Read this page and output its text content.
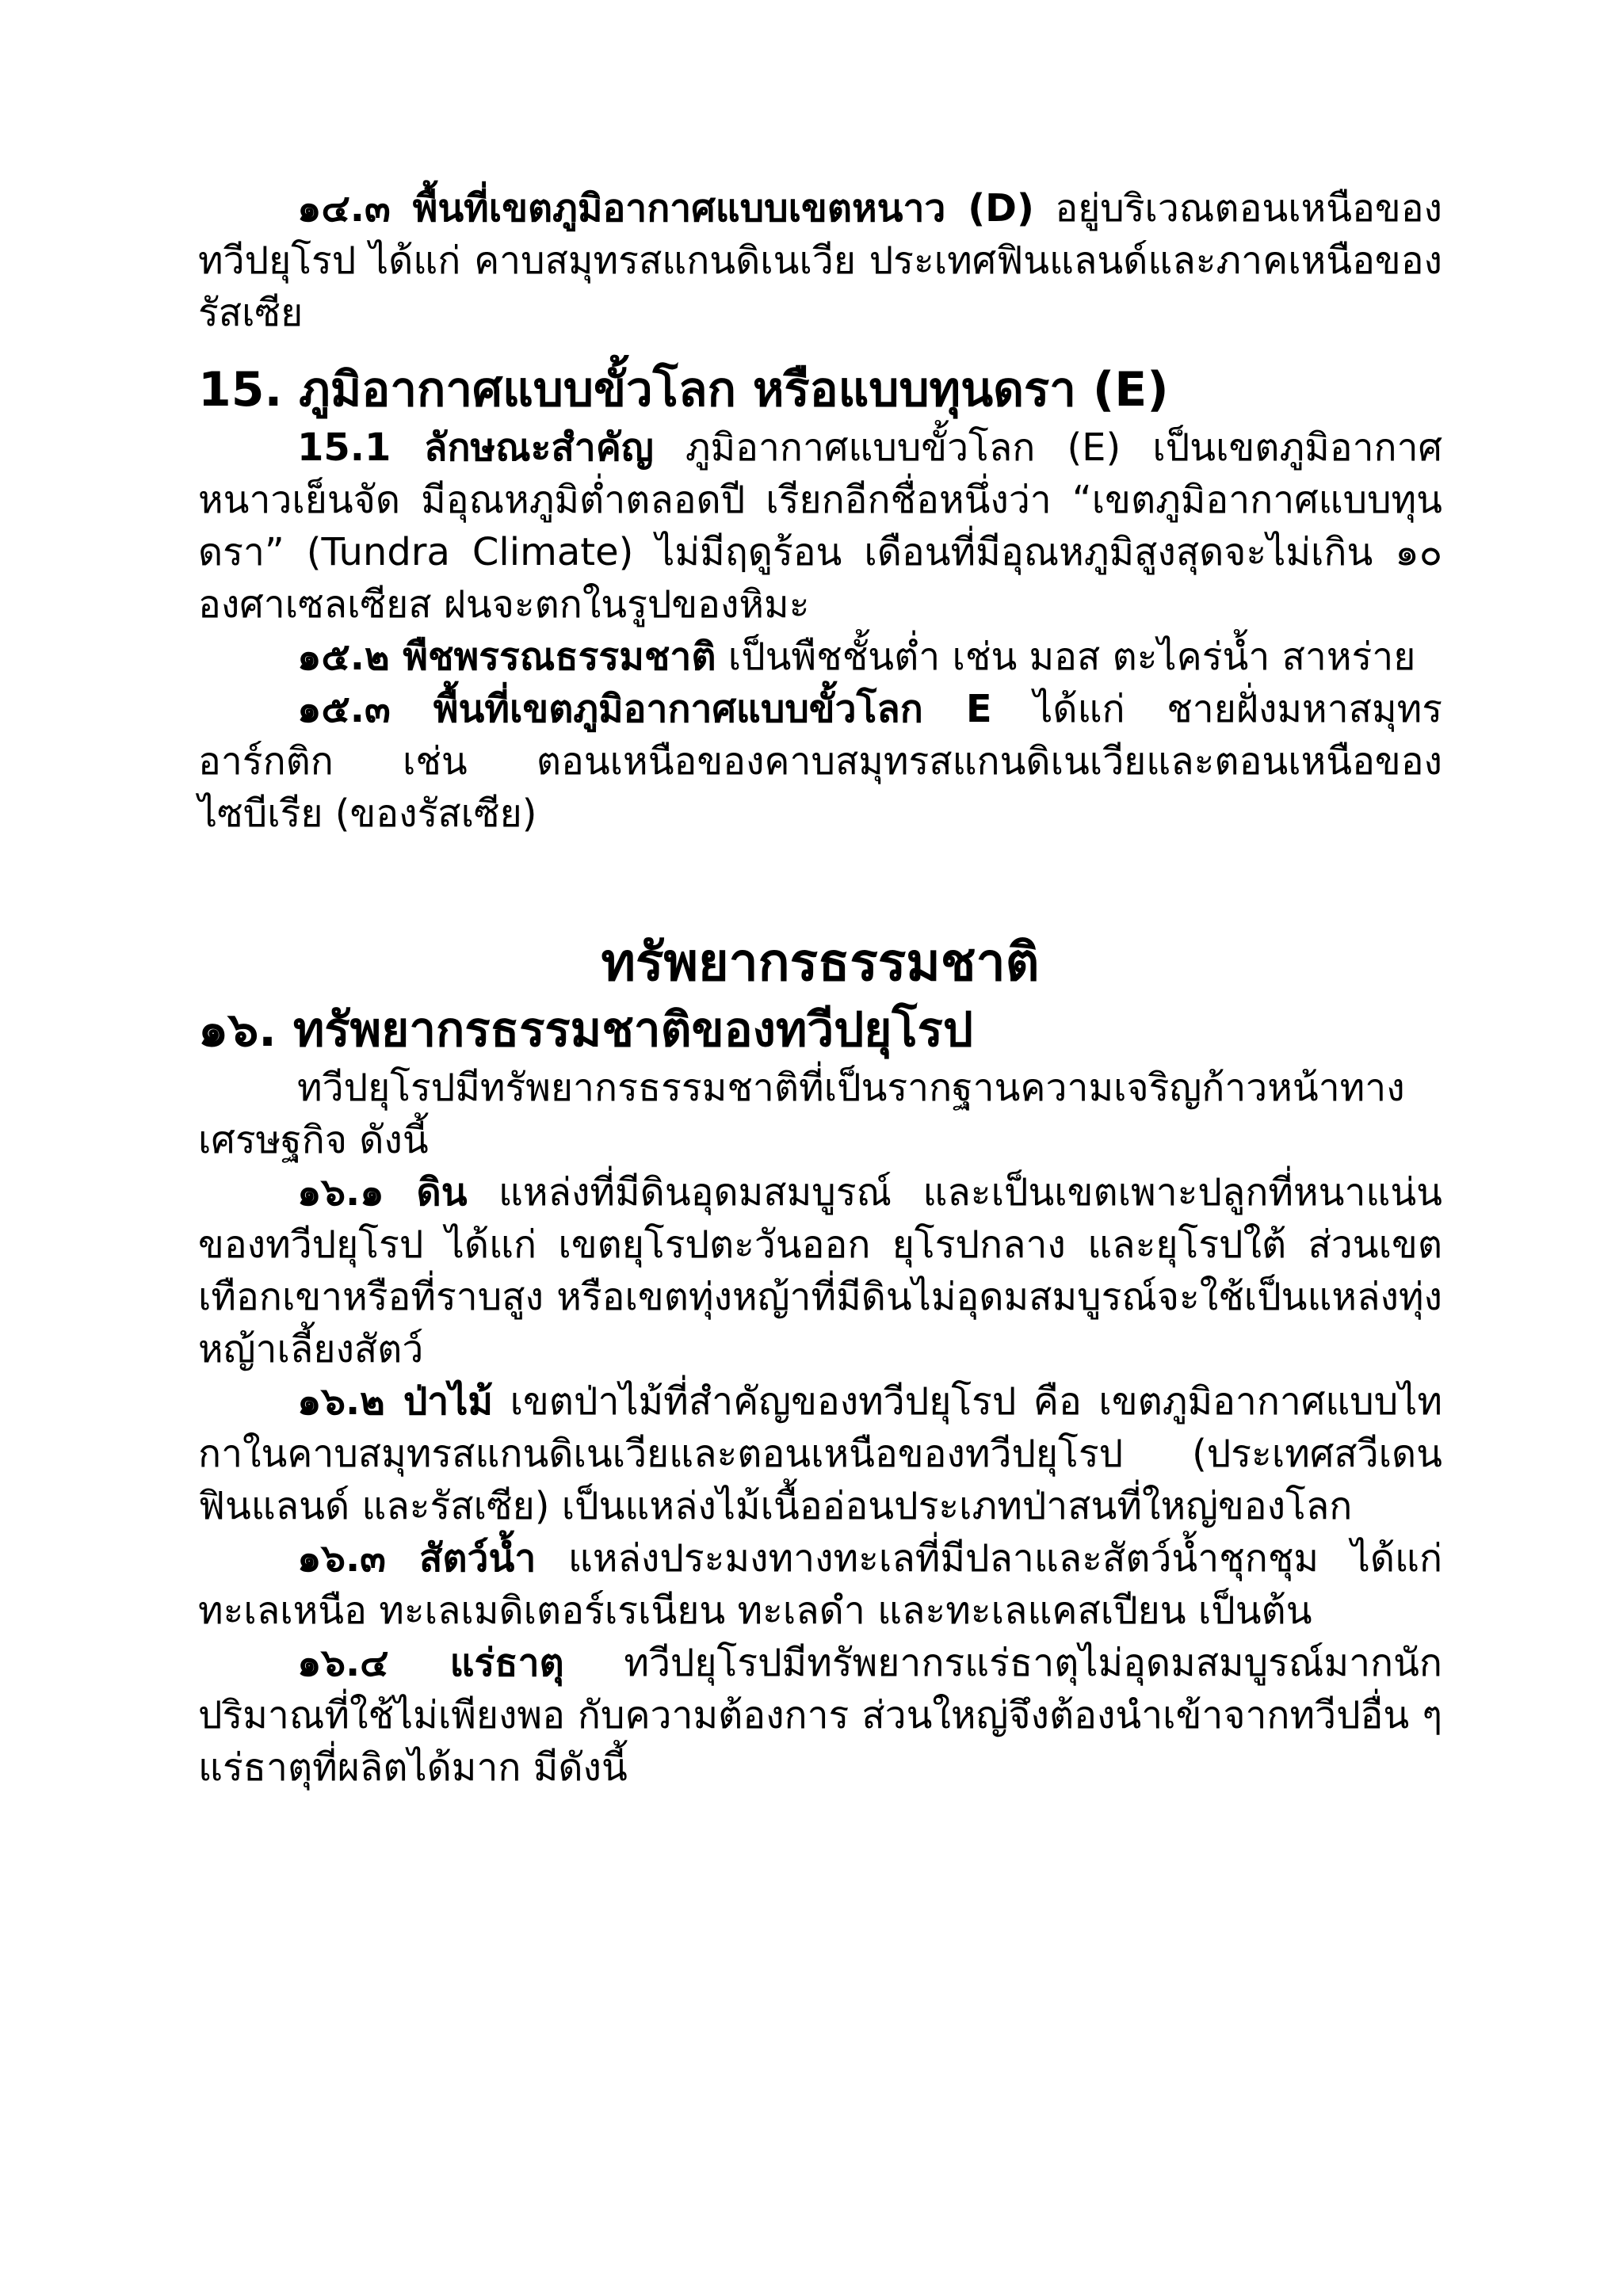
๑๔.๓ พื้นที่เขตภูมิอากาศแบบเขตหนาว (D) อยู่บริเวณตอนเหนือของทวีปยุโรป ได้แก่ คาบสมุทรสแกนดิเนเวีย ประเทศฟินแลนด์และภาคเหนือของรัสเซีย

15. ภูมิอากาศแบบขั้วโลก หรือแบบทุนดรา (E)

15.1 ลักษณะสำคัญ ภูมิอากาศแบบขั้วโลก (E) เป็นเขตภูมิอากาศหนาวเย็นจัด มีอุณหภูมิต่ำตลอดปี เรียกอีกชื่อหนึ่งว่า “เขตภูมิอากาศแบบทุนดรา” (Tundra Climate) ไม่มีฤดูร้อน เดือนที่มีอุณหภูมิสูงสุดจะไม่เกิน ๑๐ องศาเซลเซียส ฝนจะตกในรูปของหิมะ

๑๕.๒ พืชพรรณธรรมชาติ เป็นพืชชั้นต่ำ เช่น มอส ตะไคร่น้ำ สาหร่าย

๑๕.๓ พื้นที่เขตภูมิอากาศแบบขั้วโลก E ได้แก่ ชายฝั่งมหาสมุทรอาร์กติก เช่น ตอนเหนือของคาบสมุทรสแกนดิเนเวียและตอนเหนือของไซบีเรีย (ของรัสเซีย)

ทรัพยากรธรรมชาติ
๑๖. ทรัพยากรธรรมชาติของทวีปยุโรป

ทวีปยุโรปมีทรัพยากรธรรมชาติที่เป็นรากฐานความเจริญก้าวหน้าทางเศรษฐกิจ ดังนี้

๑๖.๑ ดิน แหล่งที่มีดินอุดมสมบูรณ์ และเป็นเขตเพาะปลูกที่หนาแน่นของทวีปยุโรป ได้แก่ เขตยุโรปตะวันออก ยุโรปกลาง และยุโรปใต้ ส่วนเขตเทือกเขาหรือที่ราบสูง หรือเขตทุ่งหญ้าที่มีดินไม่อุดมสมบูรณ์จะใช้เป็นแหล่งทุ่งหญ้าเลี้ยงสัตว์

๑๖.๒ ป่าไม้ เขตป่าไม้ที่สำคัญของทวีปยุโรป คือ เขตภูมิอากาศแบบไทกาในคาบสมุทรสแกนดิเนเวียและตอนเหนือของทวีปยุโรป (ประเทศสวีเดน ฟินแลนด์ และรัสเซีย) เป็นแหล่งไม้เนื้ออ่อนประเภทป่าสนที่ใหญ่ของโลก

๑๖.๓ สัตว์น้ำ แหล่งประมงทางทะเลที่มีปลาและสัตว์น้ำชุกชุม ได้แก่ ทะเลเหนือ ทะเลเมดิเตอร์เรเนียน ทะเลดำ และทะเลแคสเปียน เป็นต้น

๑๖.๔ แร่ธาตุ ทวีปยุโรปมีทรัพยากรแร่ธาตุไม่อุดมสมบูรณ์มากนัก ปริมาณที่ใช้ไม่เพียงพอ กับความต้องการ ส่วนใหญ่จึงต้องนำเข้าจากทวีปอื่น ๆ แร่ธาตุที่ผลิตได้มาก มีดังนี้
